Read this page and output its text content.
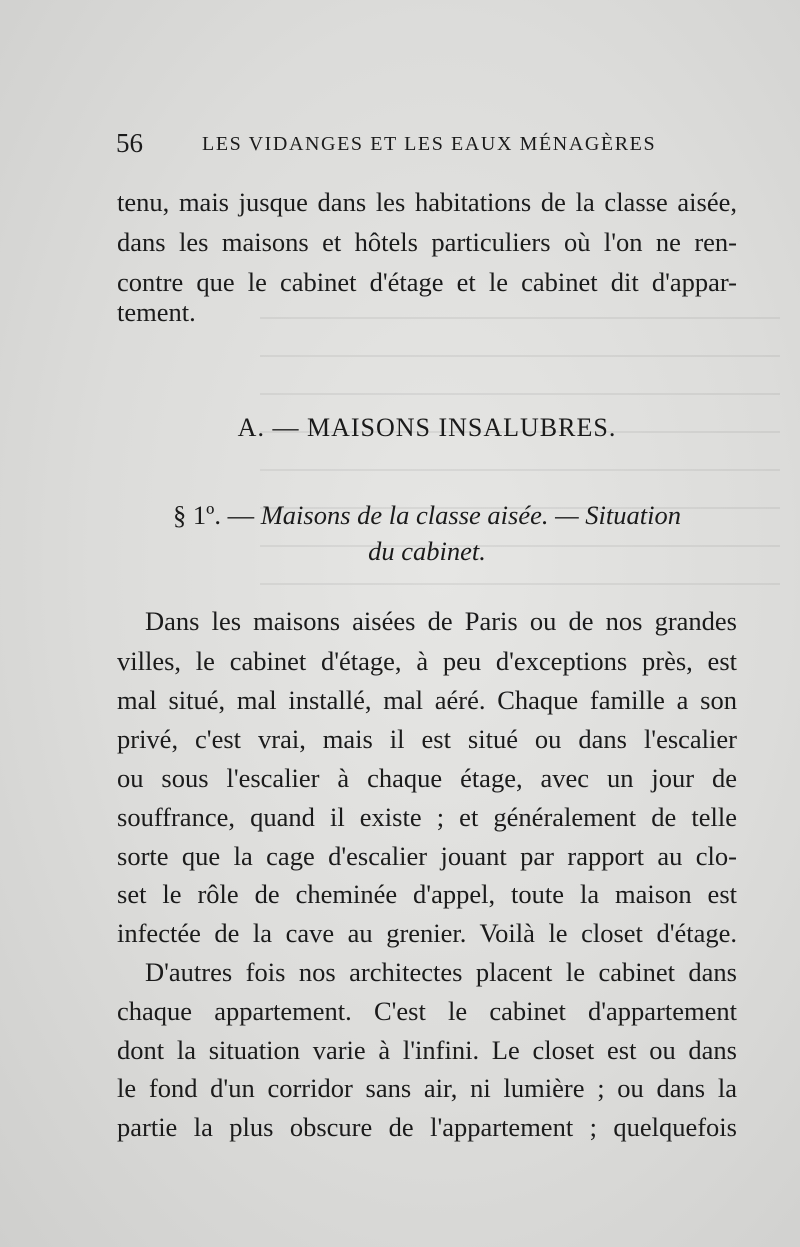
56	LES VIDANGES ET LES EAUX MÉNAGÈRES
tenu, mais jusque dans les habitations de la classe aisée,
dans les maisons et hôtels particuliers où l'on ne ren-
contre que le cabinet d'étage et le cabinet dit d'appar-
tement.
A. — MAISONS INSALUBRES.
§ 1º. — Maisons de la classe aisée. — Situation
du cabinet.
Dans les maisons aisées de Paris ou de nos grandes
villes, le cabinet d'étage, à peu d'exceptions près, est
mal situé, mal installé, mal aéré. Chaque famille a son
privé, c'est vrai, mais il est situé ou dans l'escalier
ou sous l'escalier à chaque étage, avec un jour de
souffrance, quand il existe ; et généralement de telle
sorte que la cage d'escalier jouant par rapport au clo-
set le rôle de cheminée d'appel, toute la maison est
infectée de la cave au grenier. Voilà le closet d'étage.
D'autres fois nos architectes placent le cabinet dans
chaque appartement. C'est le cabinet d'appartement
dont la situation varie à l'infini. Le closet est ou dans
le fond d'un corridor sans air, ni lumière ; ou dans la
partie la plus obscure de l'appartement ; quelquefois
